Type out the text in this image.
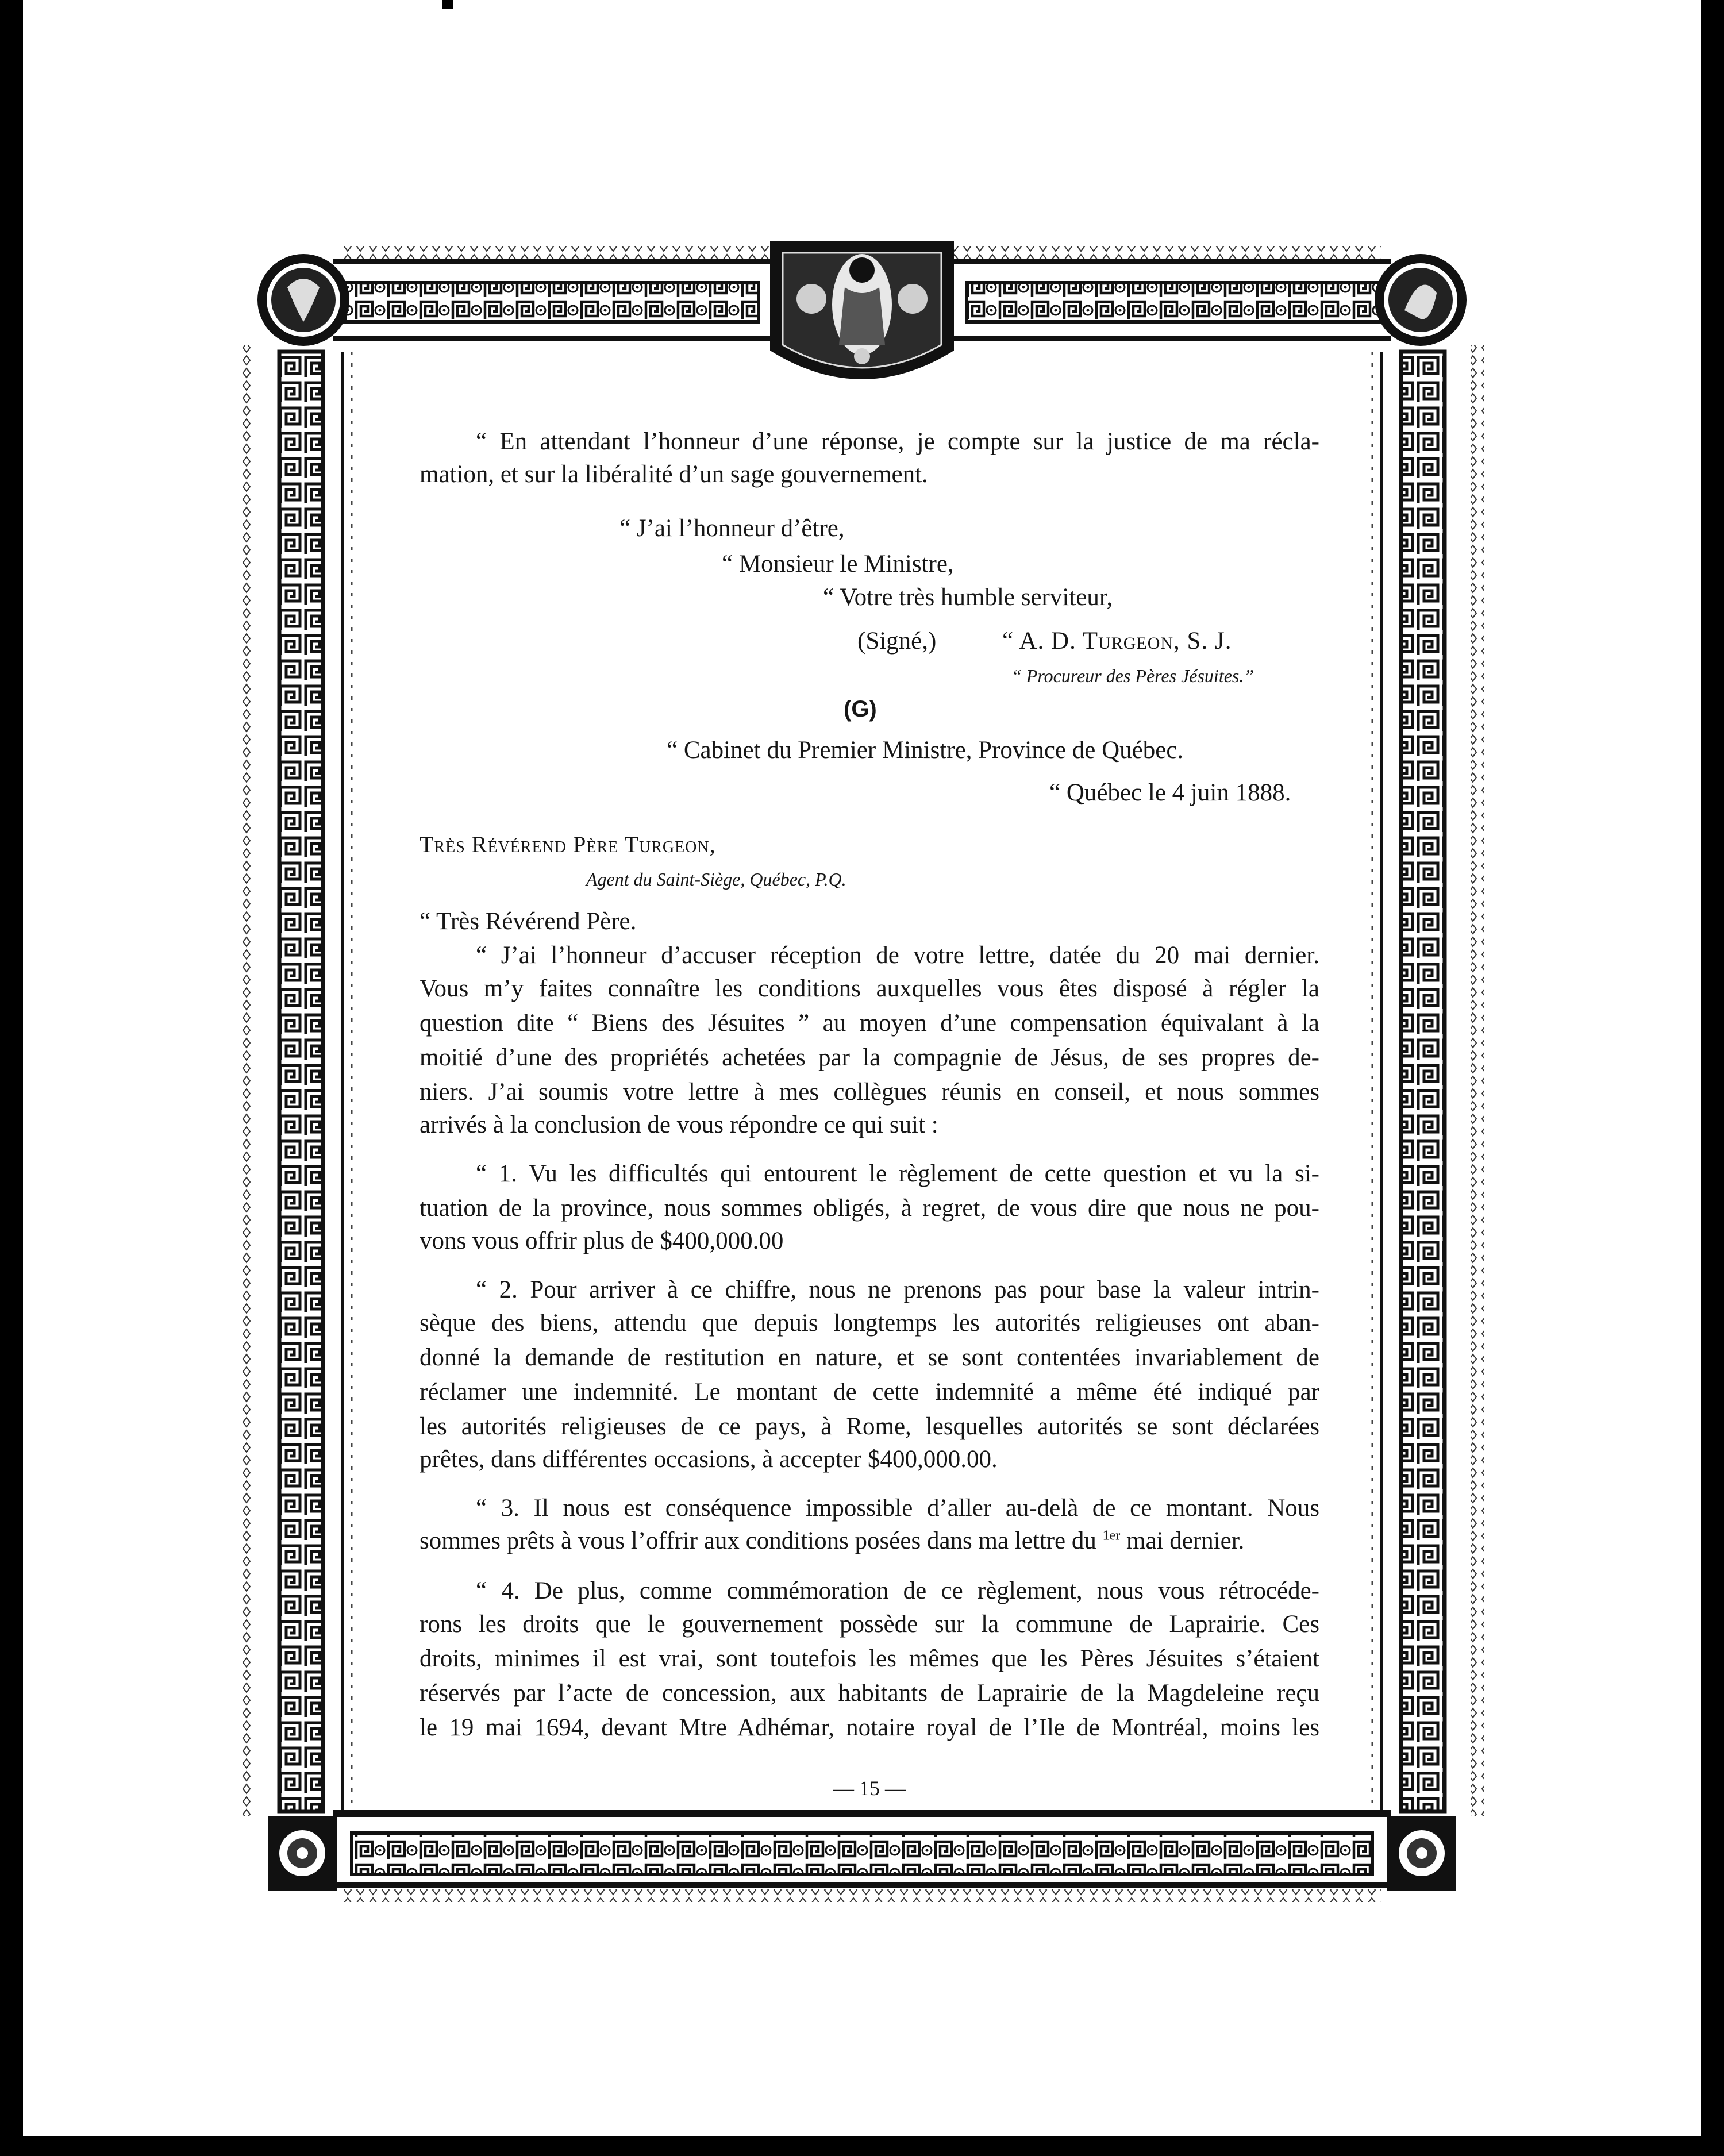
“ En attendant l’honneur d’une réponse, je compte sur la justice de ma récla-
mation, et sur la libéralité d’un sage gouvernement.
“ J’ai l’honneur d’être,
“ Monsieur le Ministre,
“ Votre très humble serviteur,
(Signé,)	“ A. D. Turgeon, S. J.
“ Procureur des Pères Jésuites.”
(G)
“ Cabinet du Premier Ministre, Province de Québec.
“ Québec le 4 juin 1888.
Très Révérend Père Turgeon,
Agent du Saint-Siège, Québec, P.Q.
“ Très Révérend Père.
“ J’ai l’honneur d’accuser réception de votre lettre, datée du 20 mai dernier.
Vous m’y faites connaître les conditions auxquelles vous êtes disposé à régler la
question dite “ Biens des Jésuites ” au moyen d’une compensation équivalant à la
moitié d’une des propriétés achetées par la compagnie de Jésus, de ses propres de-
niers. J’ai soumis votre lettre à mes collègues réunis en conseil, et nous sommes
arrivés à la conclusion de vous répondre ce qui suit :
“ 1. Vu les difficultés qui entourent le règlement de cette question et vu la si-
tuation de la province, nous sommes obligés, à regret, de vous dire que nous ne pou-
vons vous offrir plus de $400,000.00
“ 2. Pour arriver à ce chiffre, nous ne prenons pas pour base la valeur intrin-
sèque des biens, attendu que depuis longtemps les autorités religieuses ont aban-
donné la demande de restitution en nature, et se sont contentées invariablement de
réclamer une indemnité. Le montant de cette indemnité a même été indiqué par
les autorités religieuses de ce pays, à Rome, lesquelles autorités se sont déclarées
prêtes, dans différentes occasions, à accepter $400,000.00.
“ 3. Il nous est conséquence impossible d’aller au-delà de ce montant. Nous
sommes prêts à vous l’offrir aux conditions posées dans ma lettre du $^{1er}$ mai dernier.
“ 4. De plus, comme commémoration de ce règlement, nous vous rétrocéde-
rons les droits que le gouvernement possède sur la commune de Laprairie. Ces
droits, minimes il est vrai, sont toutefois les mêmes que les Pères Jésuites s’étaient
réservés par l’acte de concession, aux habitants de Laprairie de la Magdeleine reçu
le 19 mai 1694, devant Mtre Adhémar, notaire royal de l’Ile de Montréal, moins les
— 15 —
